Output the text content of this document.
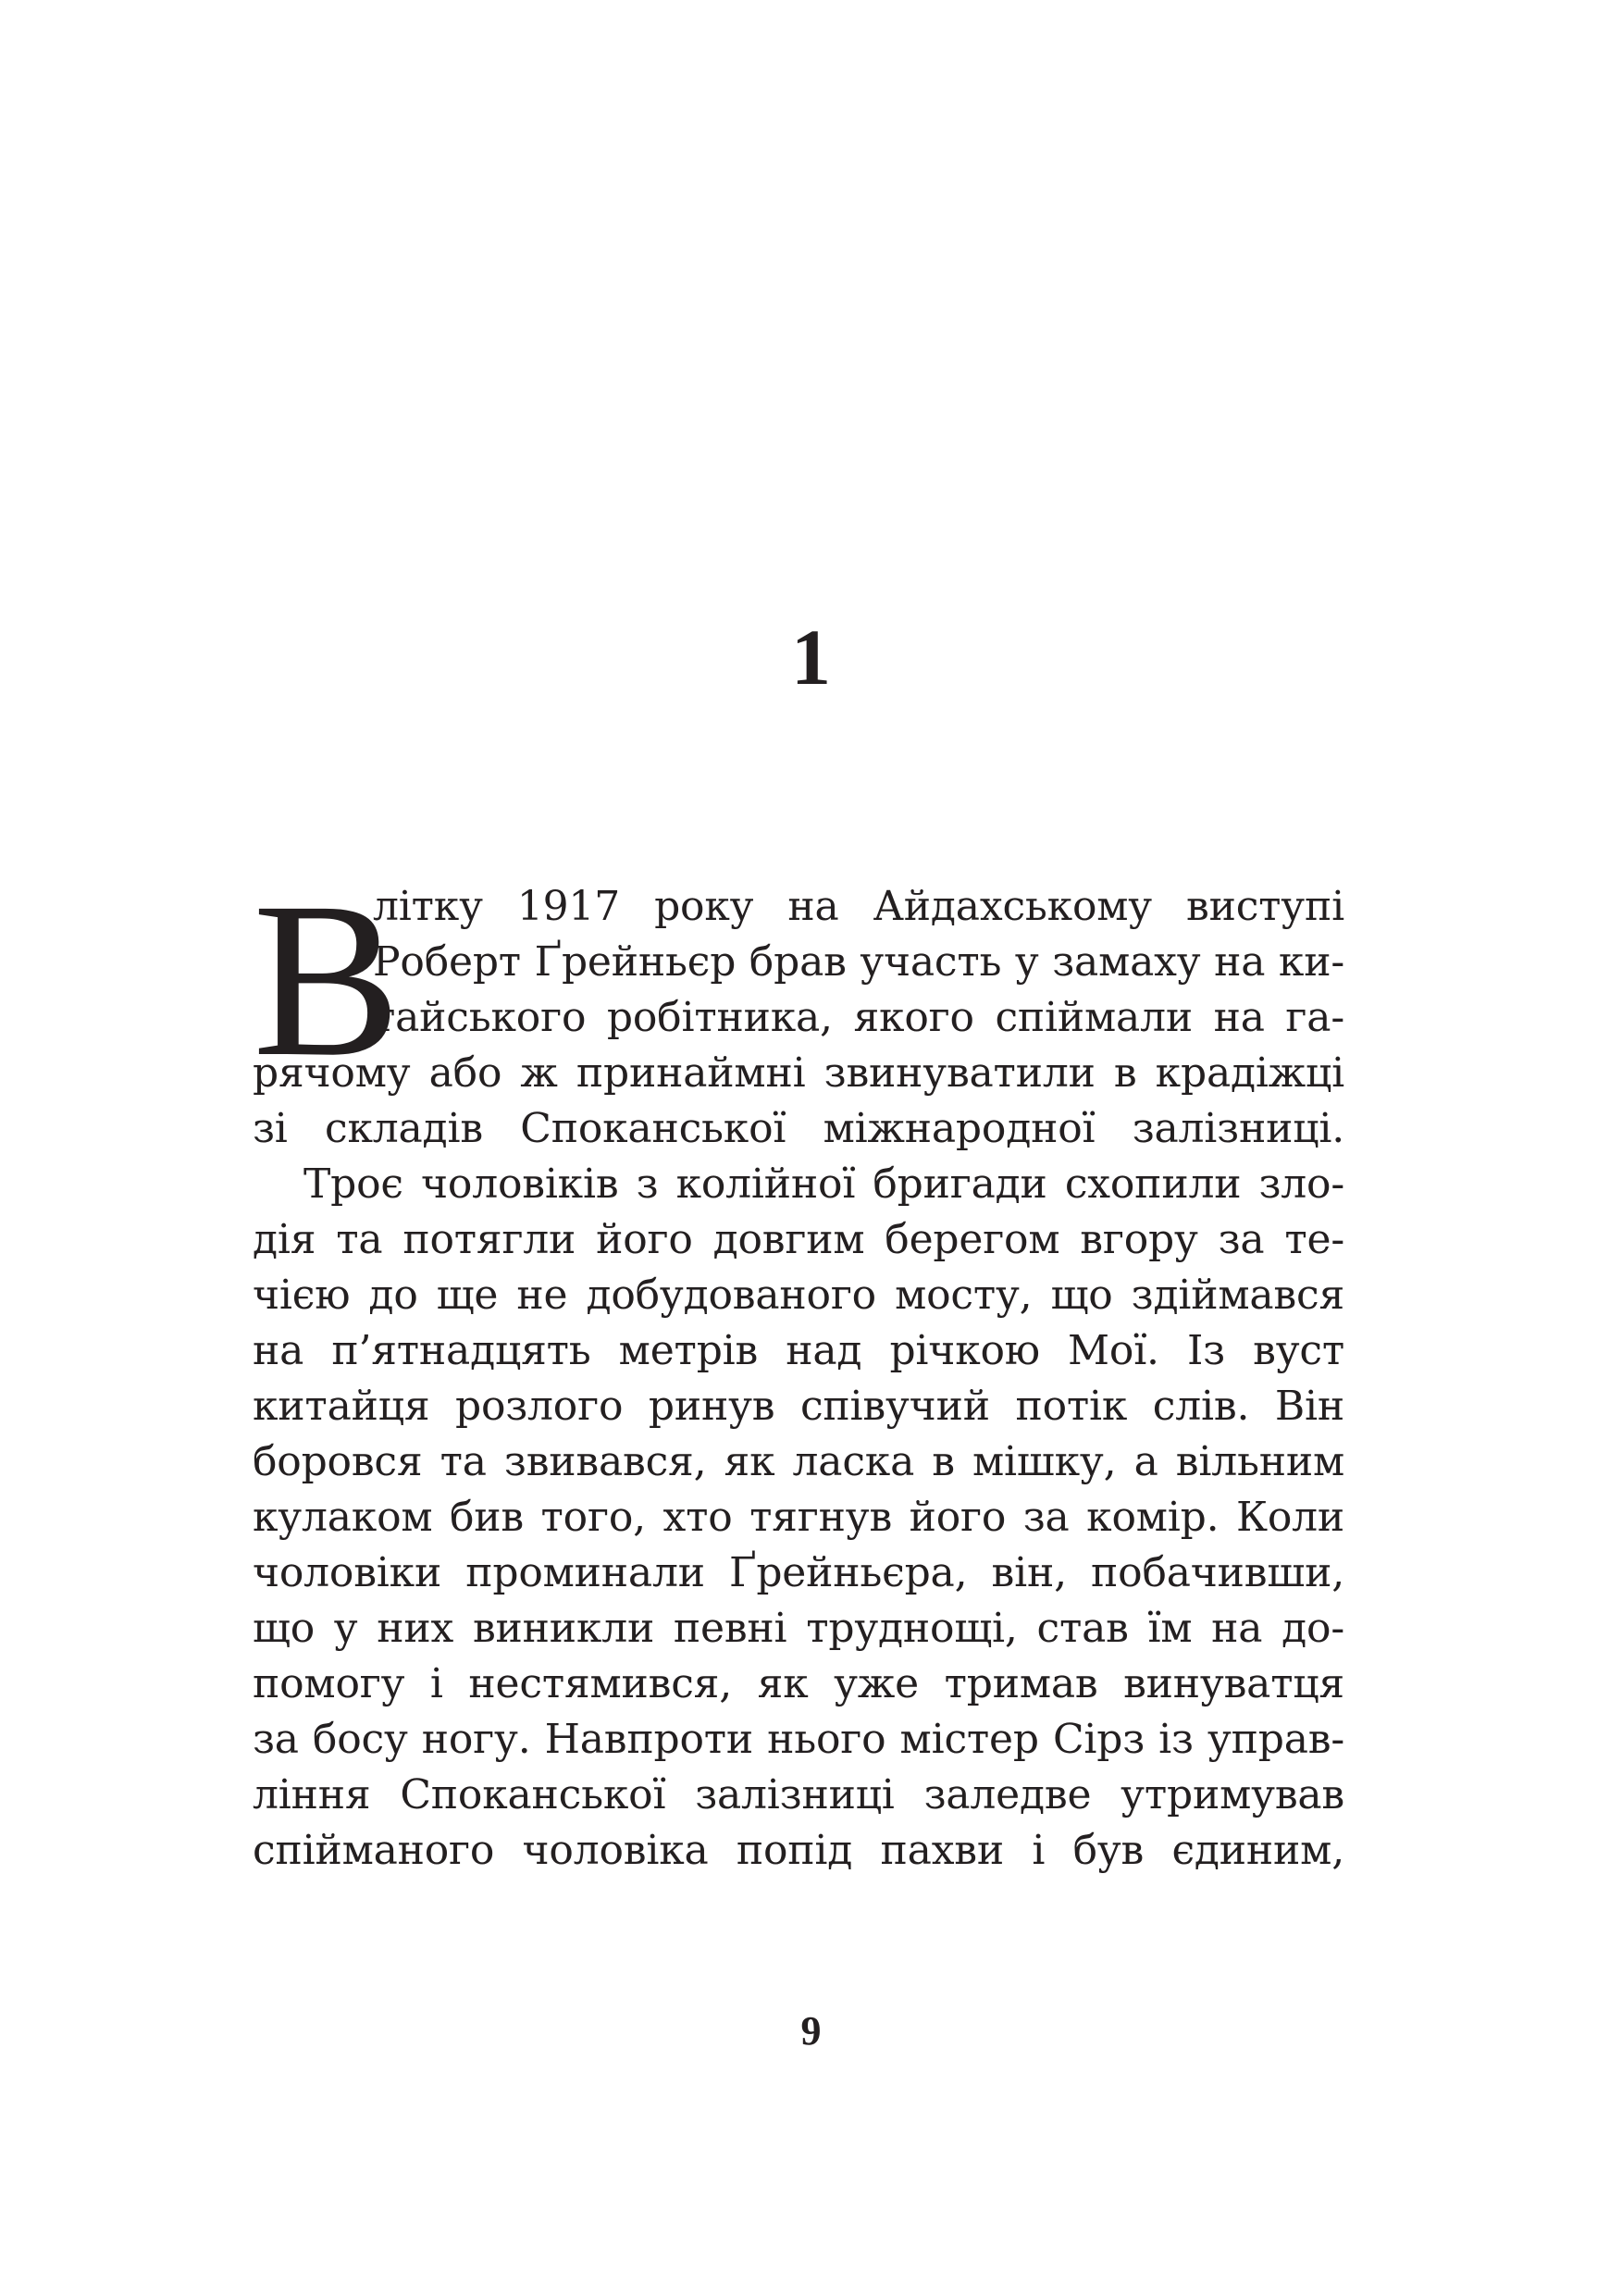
1
В
літку 1917 року на Айдахському виступі
Роберт Ґрейньєр брав участь у замаху на ки-
тайського робітника, якого спіймали на га-
рячому або ж принаймні звинуватили в крадіжці
зі складів Споканської міжнародної залізниці.
Троє чоловіків з колійної бригади схопили зло-
дія та потягли його довгим берегом вгору за те-
чією до ще не добудованого мосту, що здіймався
на п’ятнадцять метрів над річкою Мої. Із вуст
китайця розлого ринув співучий потік слів. Він
боровся та звивався, як ласка в мішку, а вільним
кулаком бив того, хто тягнув його за комір. Коли
чоловіки проминали Ґрейньєра, він, побачивши,
що у них виникли певні труднощі, став їм на до-
помогу і нестямився, як уже тримав винуватця
за босу ногу. Навпроти нього містер Сірз із управ-
ління Споканської залізниці заледве утримував
спійманого чоловіка попід пахви і був єдиним,
9
